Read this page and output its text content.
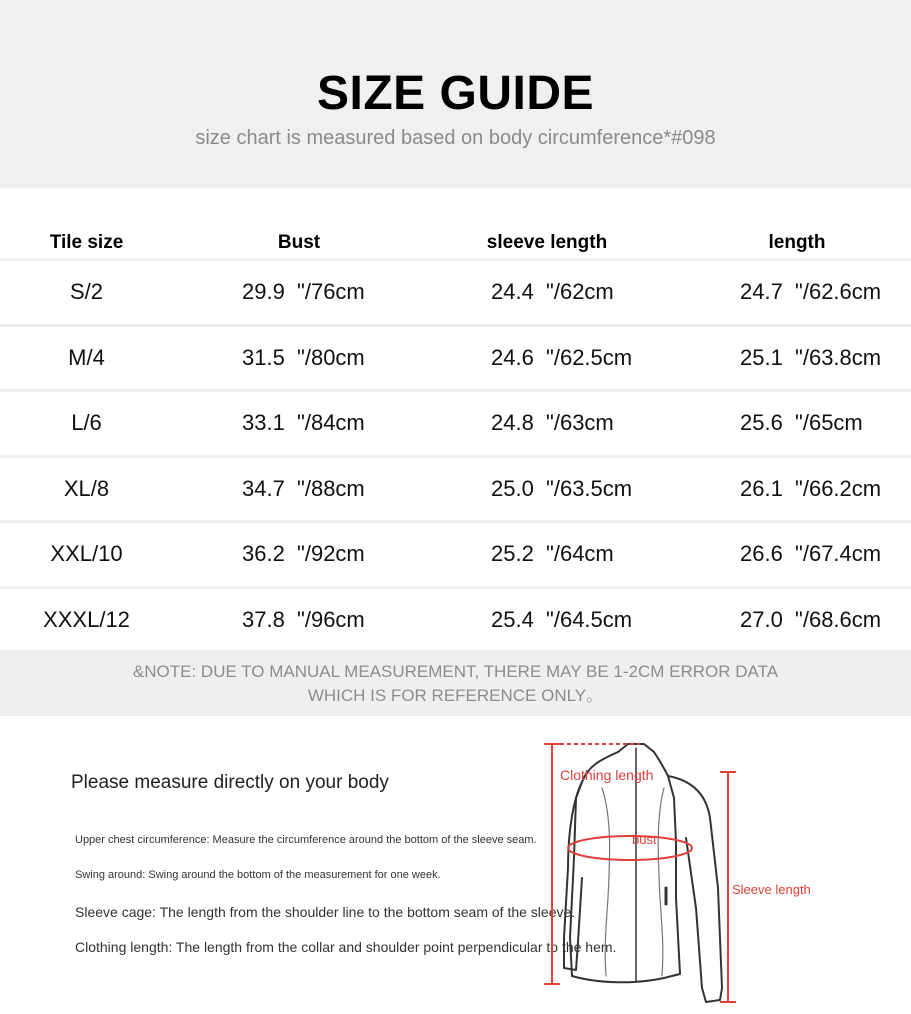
SIZE GUIDE
size chart is measured based on body circumference*#098
Tile size	Bust	sleeve length	length
S/2	29.9  "/76cm	24.4  "/62cm	24.7  "/62.6cm
M/4	31.5  "/80cm	24.6  "/62.5cm	25.1  "/63.8cm
L/6	33.1  "/84cm	24.8  "/63cm	25.6  "/65cm
XL/8	34.7  "/88cm	25.0  "/63.5cm	26.1  "/66.2cm
XXL/10	36.2  "/92cm	25.2  "/64cm	26.6  "/67.4cm
XXXL/12	37.8  "/96cm	25.4  "/64.5cm	27.0  "/68.6cm
&NOTE: DUE TO MANUAL MEASUREMENT, THERE MAY BE 1-2CM ERROR DATA
WHICH IS FOR REFERENCE ONLY。
Please measure directly on your body
Upper chest circumference: Measure the circumference around the bottom of the sleeve seam.
Swing around: Swing around the bottom of the measurement for one week.
Sleeve cage: The length from the shoulder line to the bottom seam of the sleeve.
Clothing length: The length from the collar and shoulder point perpendicular to the hem.
Clothing length
bust
Sleeve length
